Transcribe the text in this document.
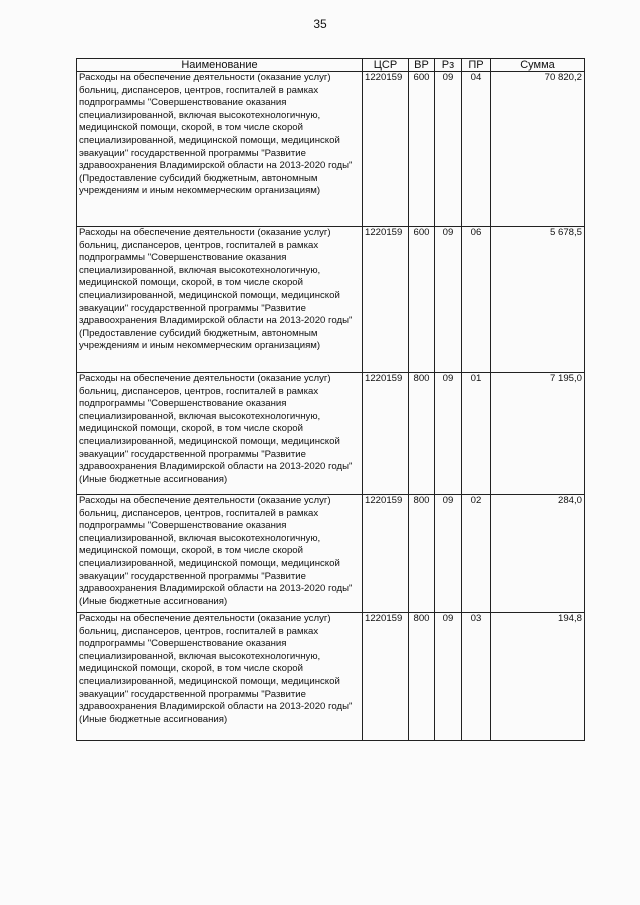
35
Наименование	ЦСР	ВР	Рз	ПР	Сумма
Расходы на обеспечение деятельности (оказание услуг) больниц, диспансеров, центров, госпиталей в рамках подпрограммы "Совершенствование оказания специализированной, включая высокотехнологичную, медицинской помощи, скорой, в том числе скорой специализированной, медицинской помощи, медицинской эвакуации" государственной программы "Развитие здравоохранения Владимирской области на 2013-2020 годы" (Предоставление субсидий бюджетным, автономным учреждениям и иным некоммерческим организациям)	1220159	600	09	04	70 820,2
Расходы на обеспечение деятельности (оказание услуг) больниц, диспансеров, центров, госпиталей в рамках подпрограммы "Совершенствование оказания специализированной, включая высокотехнологичную, медицинской помощи, скорой, в том числе скорой специализированной, медицинской помощи, медицинской эвакуации" государственной программы "Развитие здравоохранения Владимирской области на 2013-2020 годы" (Предоставление субсидий бюджетным, автономным учреждениям и иным некоммерческим организациям)	1220159	600	09	06	5 678,5
Расходы на обеспечение деятельности (оказание услуг) больниц, диспансеров, центров, госпиталей в рамках подпрограммы "Совершенствование оказания специализированной, включая высокотехнологичную, медицинской помощи, скорой, в том числе скорой специализированной, медицинской помощи, медицинской эвакуации" государственной программы "Развитие здравоохранения Владимирской области на 2013-2020 годы" (Иные бюджетные ассигнования)	1220159	800	09	01	7 195,0
Расходы на обеспечение деятельности (оказание услуг) больниц, диспансеров, центров, госпиталей в рамках подпрограммы "Совершенствование оказания специализированной, включая высокотехнологичную, медицинской помощи, скорой, в том числе скорой специализированной, медицинской помощи, медицинской эвакуации" государственной программы "Развитие здравоохранения Владимирской области на 2013-2020 годы" (Иные бюджетные ассигнования)	1220159	800	09	02	284,0
Расходы на обеспечение деятельности (оказание услуг) больниц, диспансеров, центров, госпиталей в рамках подпрограммы "Совершенствование оказания специализированной, включая высокотехнологичную, медицинской помощи, скорой, в том числе скорой специализированной, медицинской помощи, медицинской эвакуации" государственной программы "Развитие здравоохранения Владимирской области на 2013-2020 годы" (Иные бюджетные ассигнования)	1220159	800	09	03	194,8
